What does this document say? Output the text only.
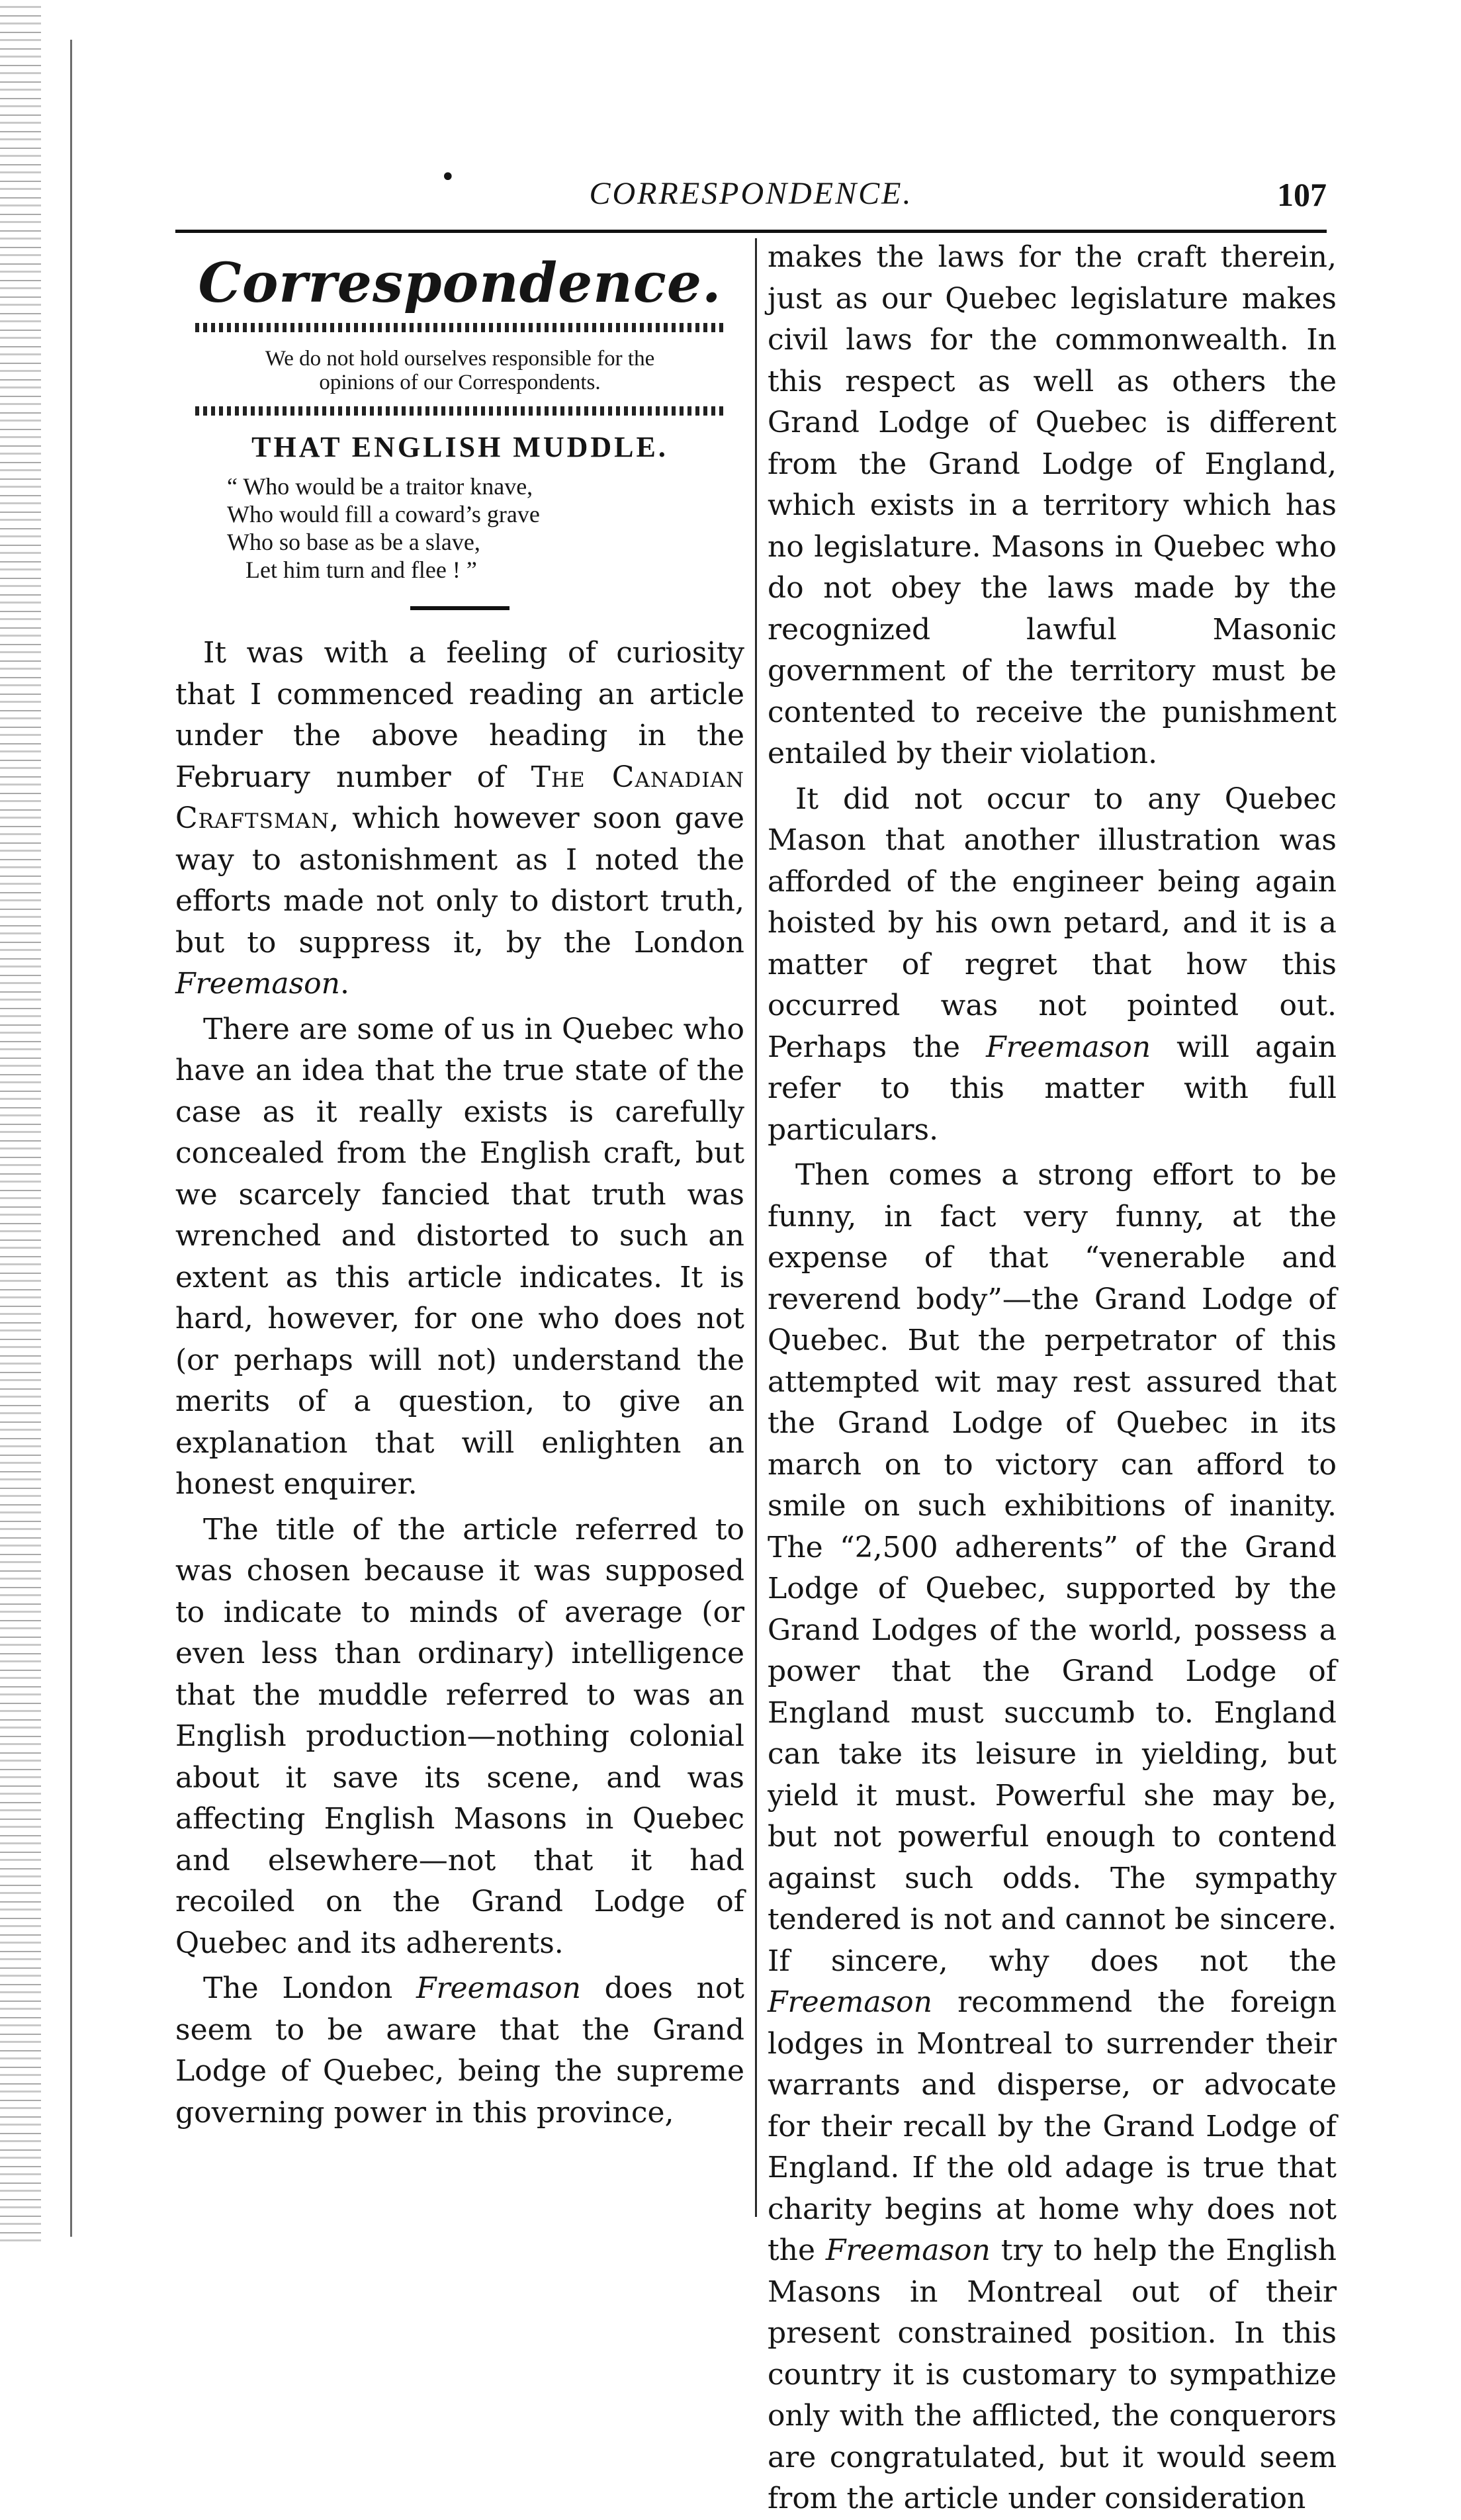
•	CORRESPONDENCE.	107
Correspondence.
We do not hold ourselves responsible for the
opinions of our Correspondents.
THAT ENGLISH MUDDLE.
“ Who would be a traitor knave,
Who would fill a coward’s grave
Who so base as be a slave,
Let him turn and flee ! ”

It was with a feeling of curiosity that I commenced reading an article under the above heading in the February number of The Canadian Craftsman, which however soon gave way to astonishment as I noted the efforts made not only to distort truth, but to suppress it, by the London Freemason.

There are some of us in Quebec who have an idea that the true state of the case as it really exists is carefully concealed from the English craft, but we scarcely fancied that truth was wrenched and distorted to such an extent as this article indicates. It is hard, however, for one who does not (or perhaps will not) understand the merits of a question, to give an explanation that will enlighten an honest enquirer.

The title of the article referred to was chosen because it was supposed to indicate to minds of average (or even less than ordinary) intelligence that the muddle referred to was an English production—nothing colonial about it save its scene, and was affecting English Masons in Quebec and elsewhere—not that it had recoiled on the Grand Lodge of Quebec and its adherents.

The London Freemason does not seem to be aware that the Grand Lodge of Quebec, being the supreme governing power in this province,

makes the laws for the craft therein, just as our Quebec legislature makes civil laws for the commonwealth. In this respect as well as others the Grand Lodge of Quebec is different from the Grand Lodge of England, which exists in a territory which has no legislature. Masons in Quebec who do not obey the laws made by the recognized lawful Masonic government of the territory must be contented to receive the punishment entailed by their violation.

It did not occur to any Quebec Mason that another illustration was afforded of the engineer being again hoisted by his own petard, and it is a matter of regret that how this occurred was not pointed out. Perhaps the Freemason will again refer to this matter with full particulars.

Then comes a strong effort to be funny, in fact very funny, at the expense of that “venerable and reverend body”—the Grand Lodge of Quebec. But the perpetrator of this attempted wit may rest assured that the Grand Lodge of Quebec in its march on to victory can afford to smile on such exhibitions of inanity. The “2,500 adherents” of the Grand Lodge of Quebec, supported by the Grand Lodges of the world, possess a power that the Grand Lodge of England must succumb to. England can take its leisure in yielding, but yield it must. Powerful she may be, but not powerful enough to contend against such odds. The sympathy tendered is not and cannot be sincere. If sincere, why does not the Freemason recommend the foreign lodges in Montreal to surrender their warrants and disperse, or advocate for their recall by the Grand Lodge of England. If the old adage is true that charity begins at home why does not the Freemason try to help the English Masons in Montreal out of their present constrained position. In this country it is customary to sympathize only with the afflicted, the conquerors are congratulated, but it would seem from the article under consideration
